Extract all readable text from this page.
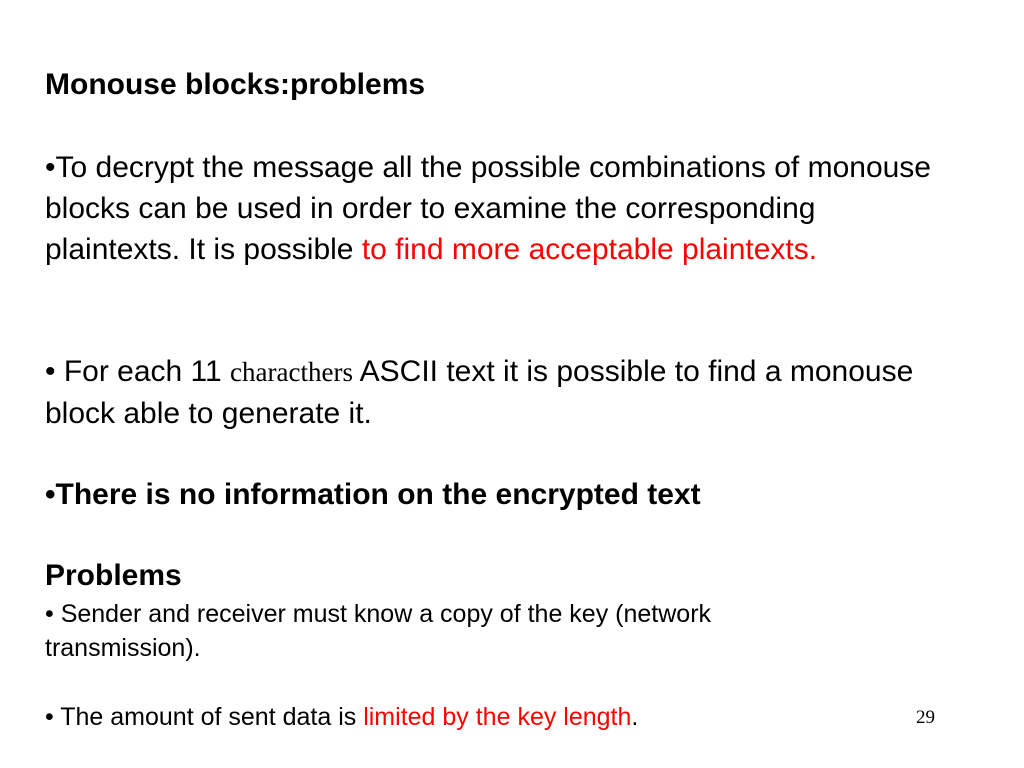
Monouse blocks:problems
•To decrypt the message all the possible combinations of monouse blocks can be used in order to examine the corresponding plaintexts. It is possible to find more acceptable plaintexts.
• For each 11 characthers ASCII text it is possible to find a monouse block able to generate it.
•There is no information on the encrypted text
Problems
• Sender and receiver must know a copy of the key (network transmission).
• The amount of sent data is limited by the key length.	29
